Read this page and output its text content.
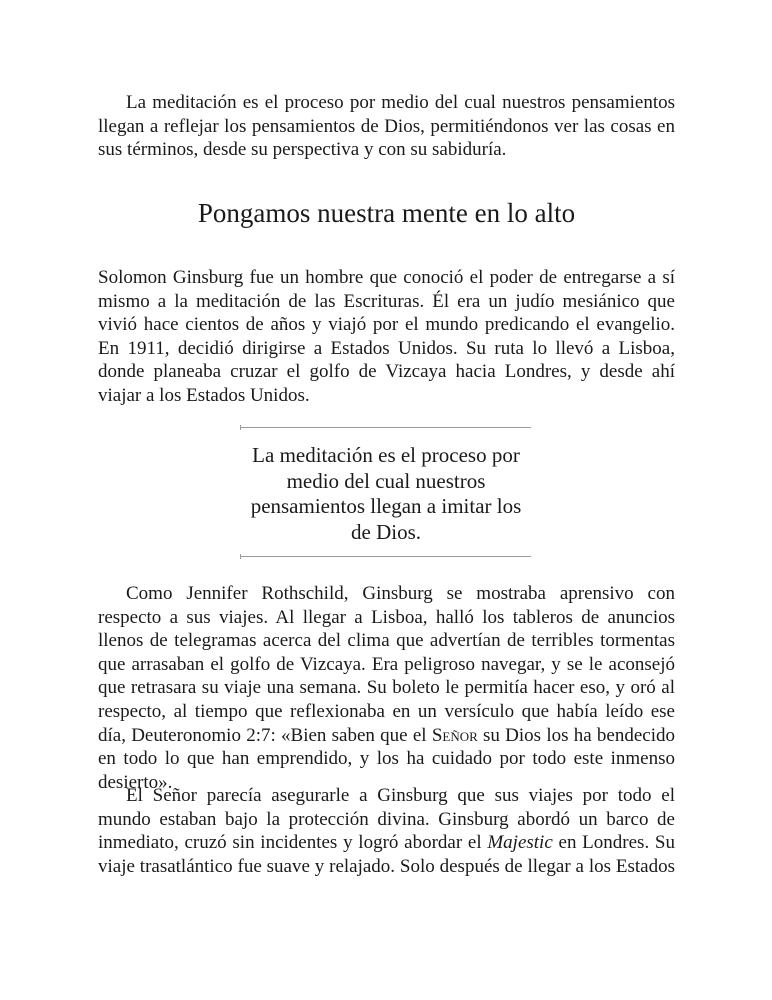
La meditación es el proceso por medio del cual nuestros pensamientos llegan a reflejar los pensamientos de Dios, permitiéndonos ver las cosas en sus términos, desde su perspectiva y con su sabiduría.

Pongamos nuestra mente en lo alto

Solomon Ginsburg fue un hombre que conoció el poder de entregarse a sí mismo a la meditación de las Escrituras. Él era un judío mesiánico que vivió hace cientos de años y viajó por el mundo predicando el evangelio. En 1911, decidió dirigirse a Estados Unidos. Su ruta lo llevó a Lisboa, donde planeaba cruzar el golfo de Vizcaya hacia Londres, y desde ahí viajar a los Estados Unidos.

La meditación es el proceso por medio del cual nuestros pensamientos llegan a imitar los de Dios.

Como Jennifer Rothschild, Ginsburg se mostraba aprensivo con respecto a sus viajes. Al llegar a Lisboa, halló los tableros de anuncios llenos de telegramas acerca del clima que advertían de terribles tormentas que arrasaban el golfo de Vizcaya. Era peligroso navegar, y se le aconsejó que retrasara su viaje una semana. Su boleto le permitía hacer eso, y oró al respecto, al tiempo que reflexionaba en un versículo que había leído ese día, Deuteronomio 2:7: «Bien saben que el Señor su Dios los ha bendecido en todo lo que han emprendido, y los ha cuidado por todo este inmenso desierto».

El Señor parecía asegurarle a Ginsburg que sus viajes por todo el mundo estaban bajo la protección divina. Ginsburg abordó un barco de inmediato, cruzó sin incidentes y logró abordar el Majestic en Londres. Su viaje trasatlántico fue suave y relajado. Solo después de llegar a los Estados
